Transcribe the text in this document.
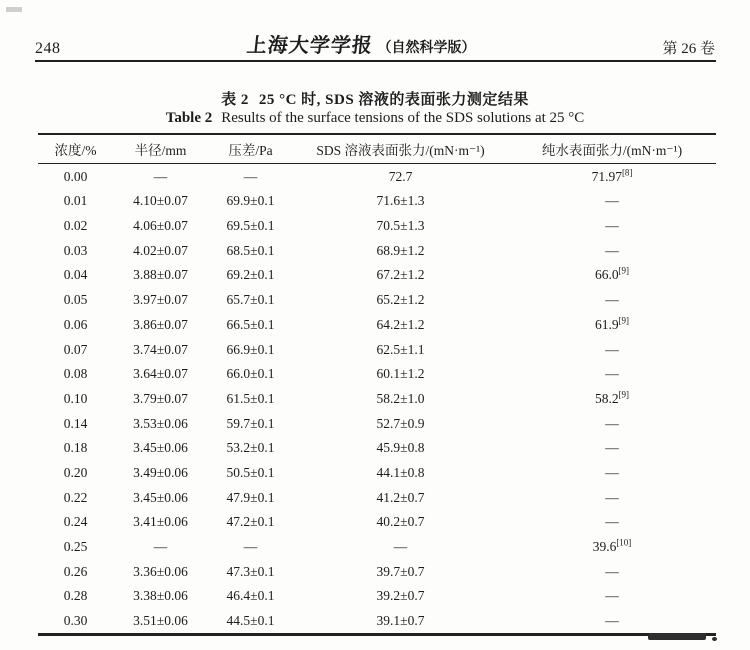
248	上海大学学报 （自然科学版）	第 26 卷
表 2 25 °C 时, SDS 溶液的表面张力测定结果
Table 2 Results of the surface tensions of the SDS solutions at 25 °C
浓度/%	半径/mm	压差/Pa	SDS 溶液表面张力/(mN·m⁻¹)	纯水表面张力/(mN·m⁻¹)
0.00	—	—	72.7	71.97[8]
0.01	4.10±0.07	69.9±0.1	71.6±1.3	—
0.02	4.06±0.07	69.5±0.1	70.5±1.3	—
0.03	4.02±0.07	68.5±0.1	68.9±1.2	—
0.04	3.88±0.07	69.2±0.1	67.2±1.2	66.0[9]
0.05	3.97±0.07	65.7±0.1	65.2±1.2	—
0.06	3.86±0.07	66.5±0.1	64.2±1.2	61.9[9]
0.07	3.74±0.07	66.9±0.1	62.5±1.1	—
0.08	3.64±0.07	66.0±0.1	60.1±1.2	—
0.10	3.79±0.07	61.5±0.1	58.2±1.0	58.2[9]
0.14	3.53±0.06	59.7±0.1	52.7±0.9	—
0.18	3.45±0.06	53.2±0.1	45.9±0.8	—
0.20	3.49±0.06	50.5±0.1	44.1±0.8	—
0.22	3.45±0.06	47.9±0.1	41.2±0.7	—
0.24	3.41±0.06	47.2±0.1	40.2±0.7	—
0.25	—	—	—	39.6[10]
0.26	3.36±0.06	47.3±0.1	39.7±0.7	—
0.28	3.38±0.06	46.4±0.1	39.2±0.7	—
0.30	3.51±0.06	44.5±0.1	39.1±0.7	—
